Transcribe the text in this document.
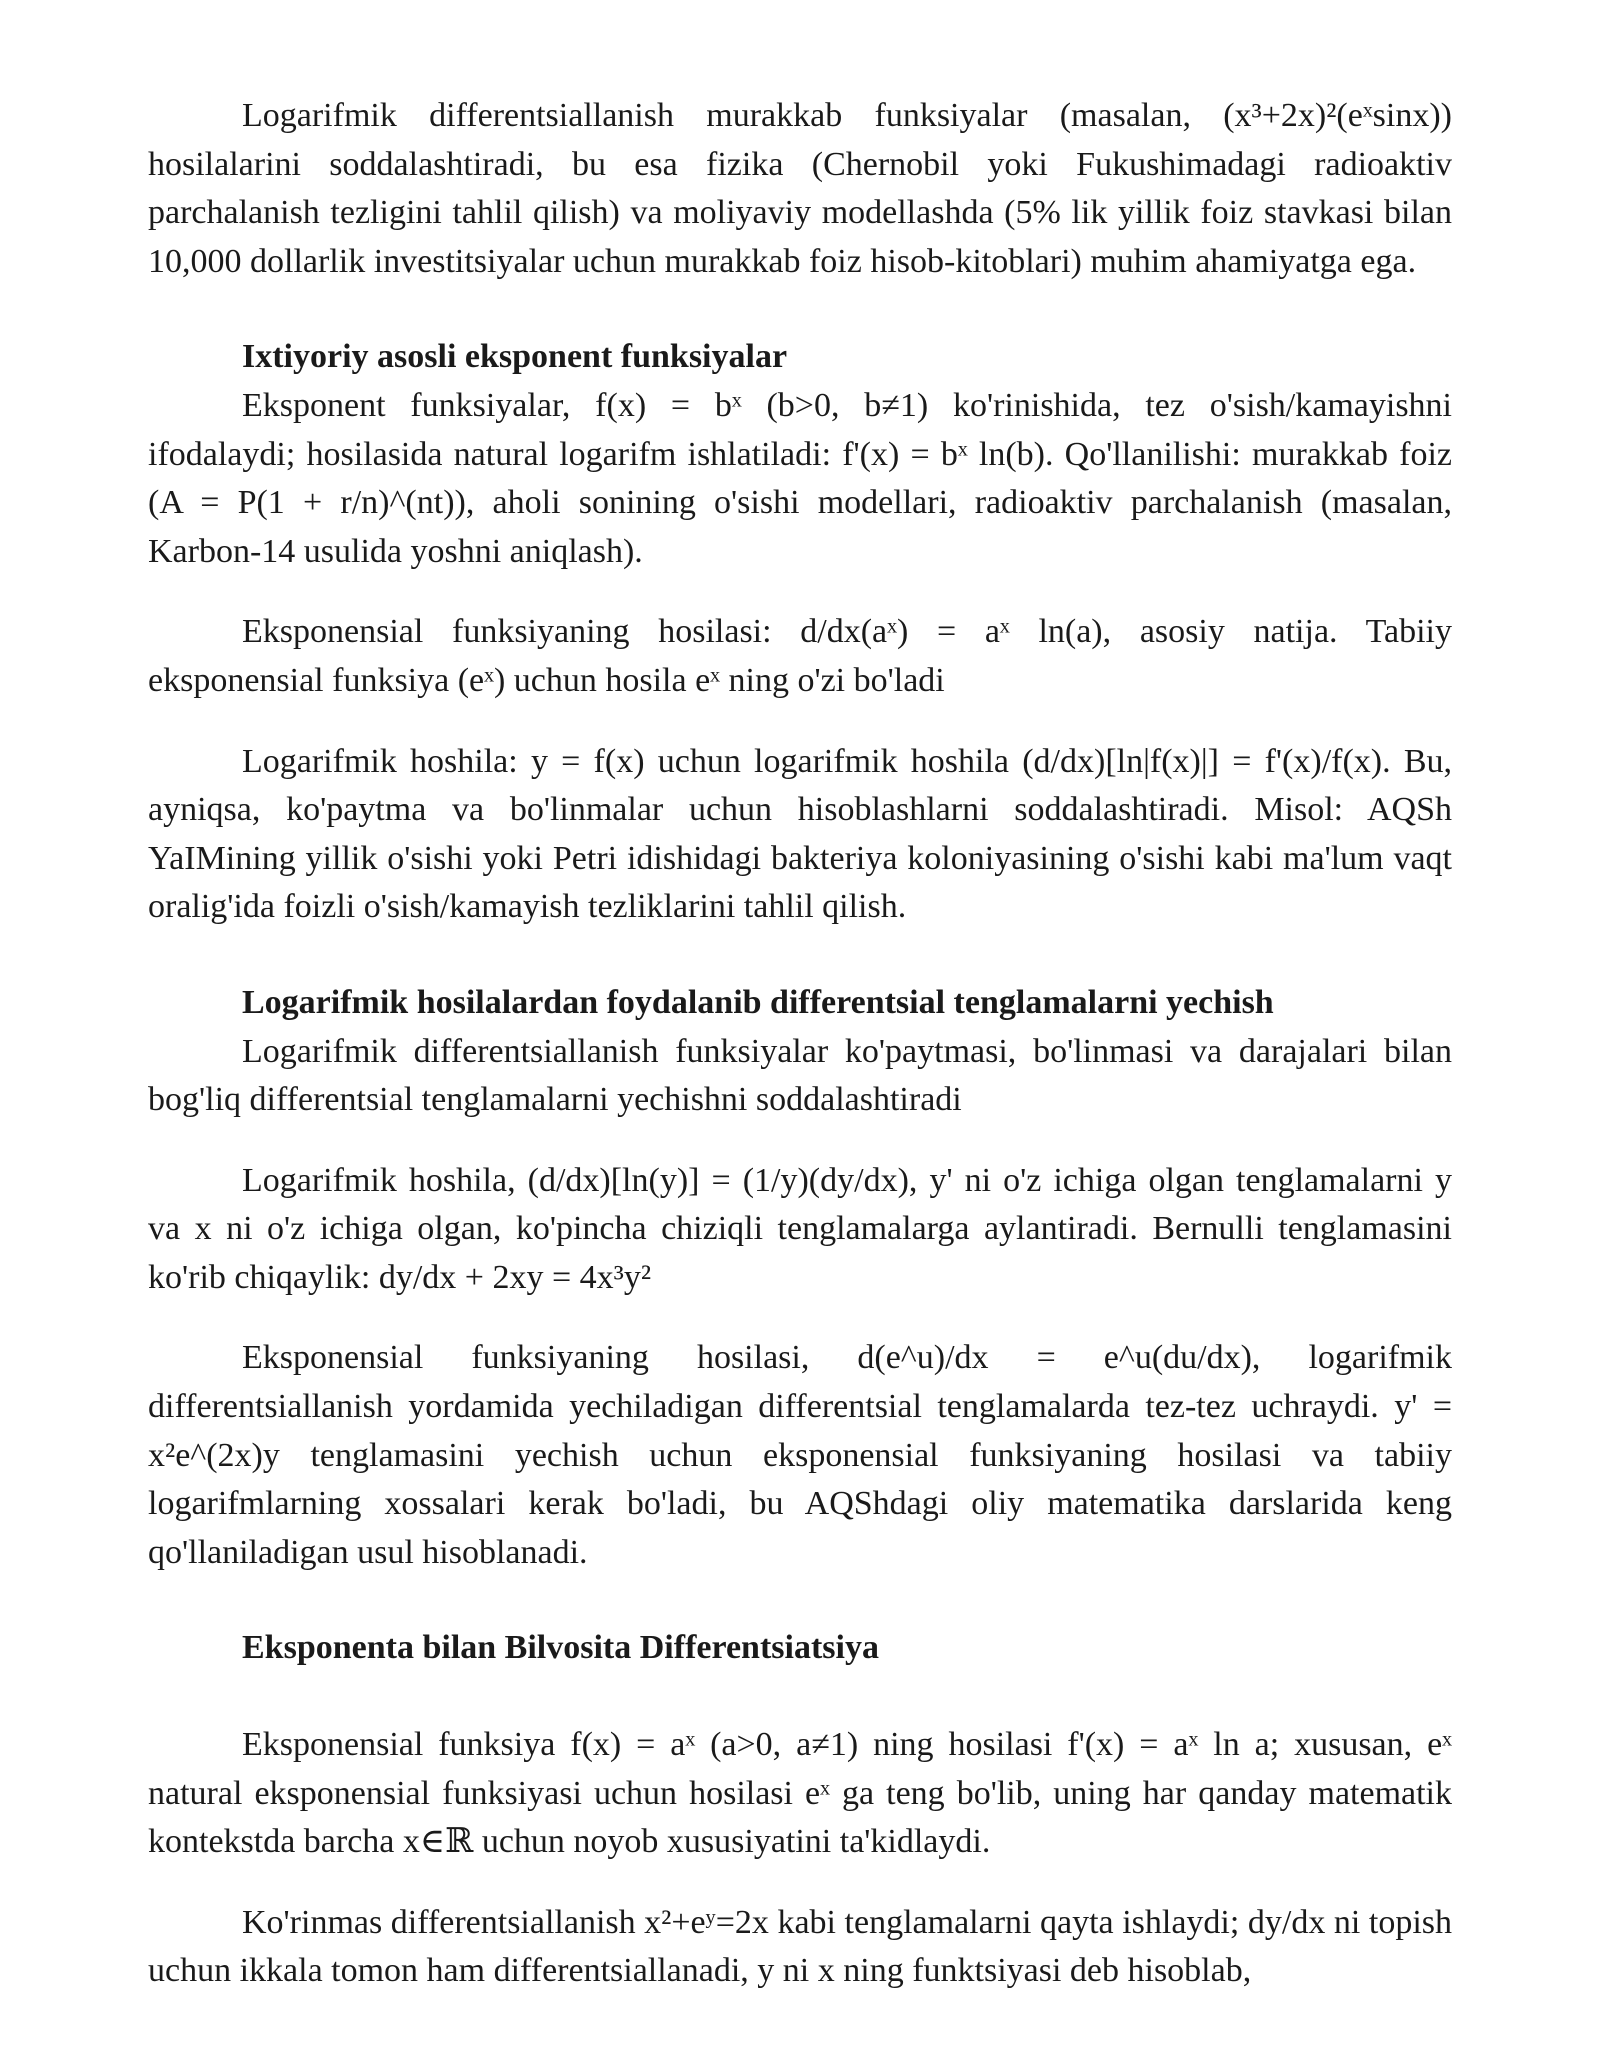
Logarifmik differentsiallanish murakkab funksiyalar (masalan, (x³+2x)²(eˣsinx)) hosilalarini soddalashtiradi, bu esa fizika (Chernobil yoki Fukushimadagi radioaktiv parchalanish tezligini tahlil qilish) va moliyaviy modellashda (5% lik yillik foiz stavkasi bilan 10,000 dollarlik investitsiyalar uchun murakkab foiz hisob-kitoblari) muhim ahamiyatga ega.

Ixtiyoriy asosli eksponent funksiyalar

Eksponent funksiyalar, f(x) = bˣ (b>0, b≠1) ko'rinishida, tez o'sish/kamayishni ifodalaydi; hosilasida natural logarifm ishlatiladi: f'(x) = bˣ ln(b). Qo'llanilishi: murakkab foiz (A = P(1 + r/n)^(nt)), aholi sonining o'sishi modellari, radioaktiv parchalanish (masalan, Karbon-14 usulida yoshni aniqlash).

Eksponensial funksiyaning hosilasi: d/dx(aˣ) = aˣ ln(a), asosiy natija. Tabiiy eksponensial funksiya (eˣ) uchun hosila eˣ ning o'zi bo'ladi

Logarifmik hoshila: y = f(x) uchun logarifmik hoshila (d/dx)[ln|f(x)|] = f'(x)/f(x). Bu, ayniqsa, ko'paytma va bo'linmalar uchun hisoblashlarni soddalashtiradi. Misol: AQSh YaIMining yillik o'sishi yoki Petri idishidagi bakteriya koloniyasining o'sishi kabi ma'lum vaqt oralig'ida foizli o'sish/kamayish tezliklarini tahlil qilish.

Logarifmik hosilalardan foydalanib differentsial tenglamalarni yechish

Logarifmik differentsiallanish funksiyalar ko'paytmasi, bo'linmasi va darajalari bilan bog'liq differentsial tenglamalarni yechishni soddalashtiradi

Logarifmik hoshila, (d/dx)[ln(y)] = (1/y)(dy/dx), y' ni o'z ichiga olgan tenglamalarni y va x ni o'z ichiga olgan, ko'pincha chiziqli tenglamalarga aylantiradi. Bernulli tenglamasini ko'rib chiqaylik: dy/dx + 2xy = 4x³y²

Eksponensial funksiyaning hosilasi, d(e^u)/dx = e^u(du/dx), logarifmik differentsiallanish yordamida yechiladigan differentsial tenglamalarda tez-tez uchraydi. y' = x²e^(2x)y tenglamasini yechish uchun eksponensial funksiyaning hosilasi va tabiiy logarifmlarning xossalari kerak bo'ladi, bu AQShdagi oliy matematika darslarida keng qo'llaniladigan usul hisoblanadi.

Eksponenta bilan Bilvosita Differentsiatsiya

Eksponensial funksiya f(x) = aˣ (a>0, a≠1) ning hosilasi f'(x) = aˣ ln a; xususan, eˣ natural eksponensial funksiyasi uchun hosilasi eˣ ga teng bo'lib, uning har qanday matematik kontekstda barcha x∈ℝ uchun noyob xususiyatini ta'kidlaydi.

Ko'rinmas differentsiallanish x²+eʸ=2x kabi tenglamalarni qayta ishlaydi; dy/dx ni topish uchun ikkala tomon ham differentsiallanadi, y ni x ning funktsiyasi deb hisoblab,
